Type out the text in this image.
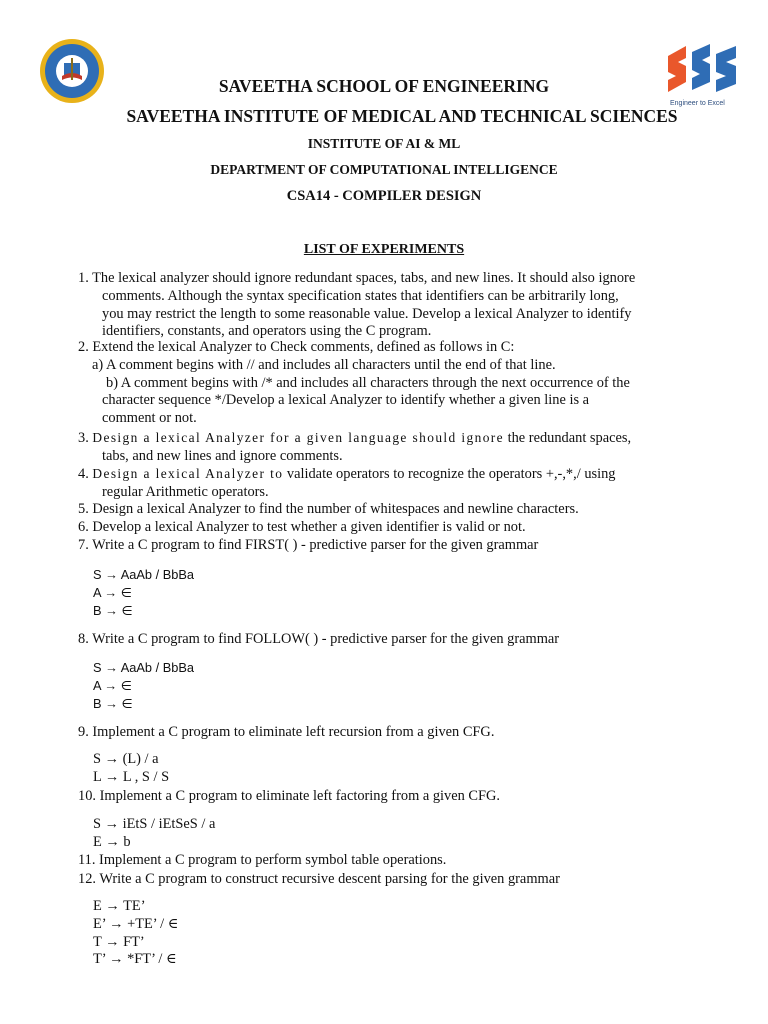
Engineer to Excel
SAVEETHA SCHOOL OF ENGINEERING
SAVEETHA INSTITUTE OF MEDICAL AND TECHNICAL SCIENCES
INSTITUTE OF AI & ML
DEPARTMENT OF COMPUTATIONAL INTELLIGENCE
CSA14 - COMPILER DESIGN
LIST OF EXPERIMENTS
1. The lexical analyzer should ignore redundant spaces, tabs, and new lines. It should also ignore
comments. Although the syntax specification states that identifiers can be arbitrarily long,
you may restrict the length to some reasonable value. Develop a lexical Analyzer to identify
identifiers, constants, and operators using the C program.
2. Extend the lexical Analyzer to Check comments, defined as follows in C:
a) A comment begins with // and includes all characters until the end of that line.
b) A comment begins with /* and includes all characters through the next occurrence of the
character sequence */Develop a lexical Analyzer to identify whether a given line is a
comment or not.
3. Design a lexical Analyzer for a given language should ignore the redundant spaces,
tabs, and new lines and ignore comments.
4. Design a lexical Analyzer to validate operators to recognize the operators +,-,*,/ using
regular Arithmetic operators.
5. Design a lexical Analyzer to find the number of whitespaces and newline characters.
6. Develop a lexical Analyzer to test whether a given identifier is valid or not.
7. Write a C program to find FIRST( ) - predictive parser for the given grammar
S → AaAb / BbBa
A → ∈
B → ∈
8. Write a C program to find FOLLOW( ) - predictive parser for the given grammar
S → AaAb / BbBa
A → ∈
B → ∈
9. Implement a C program to eliminate left recursion from a given CFG.
S → (L) / a
L → L , S / S
10. Implement a C program to eliminate left factoring from a given CFG.
S → iEtS / iEtSeS / a
E → b
11. Implement a C program to perform symbol table operations.
12. Write a C program to construct recursive descent parsing for the given grammar
E → TE’
E’ → +TE’ / ∈
T → FT’
T’ → *FT’ / ∈
